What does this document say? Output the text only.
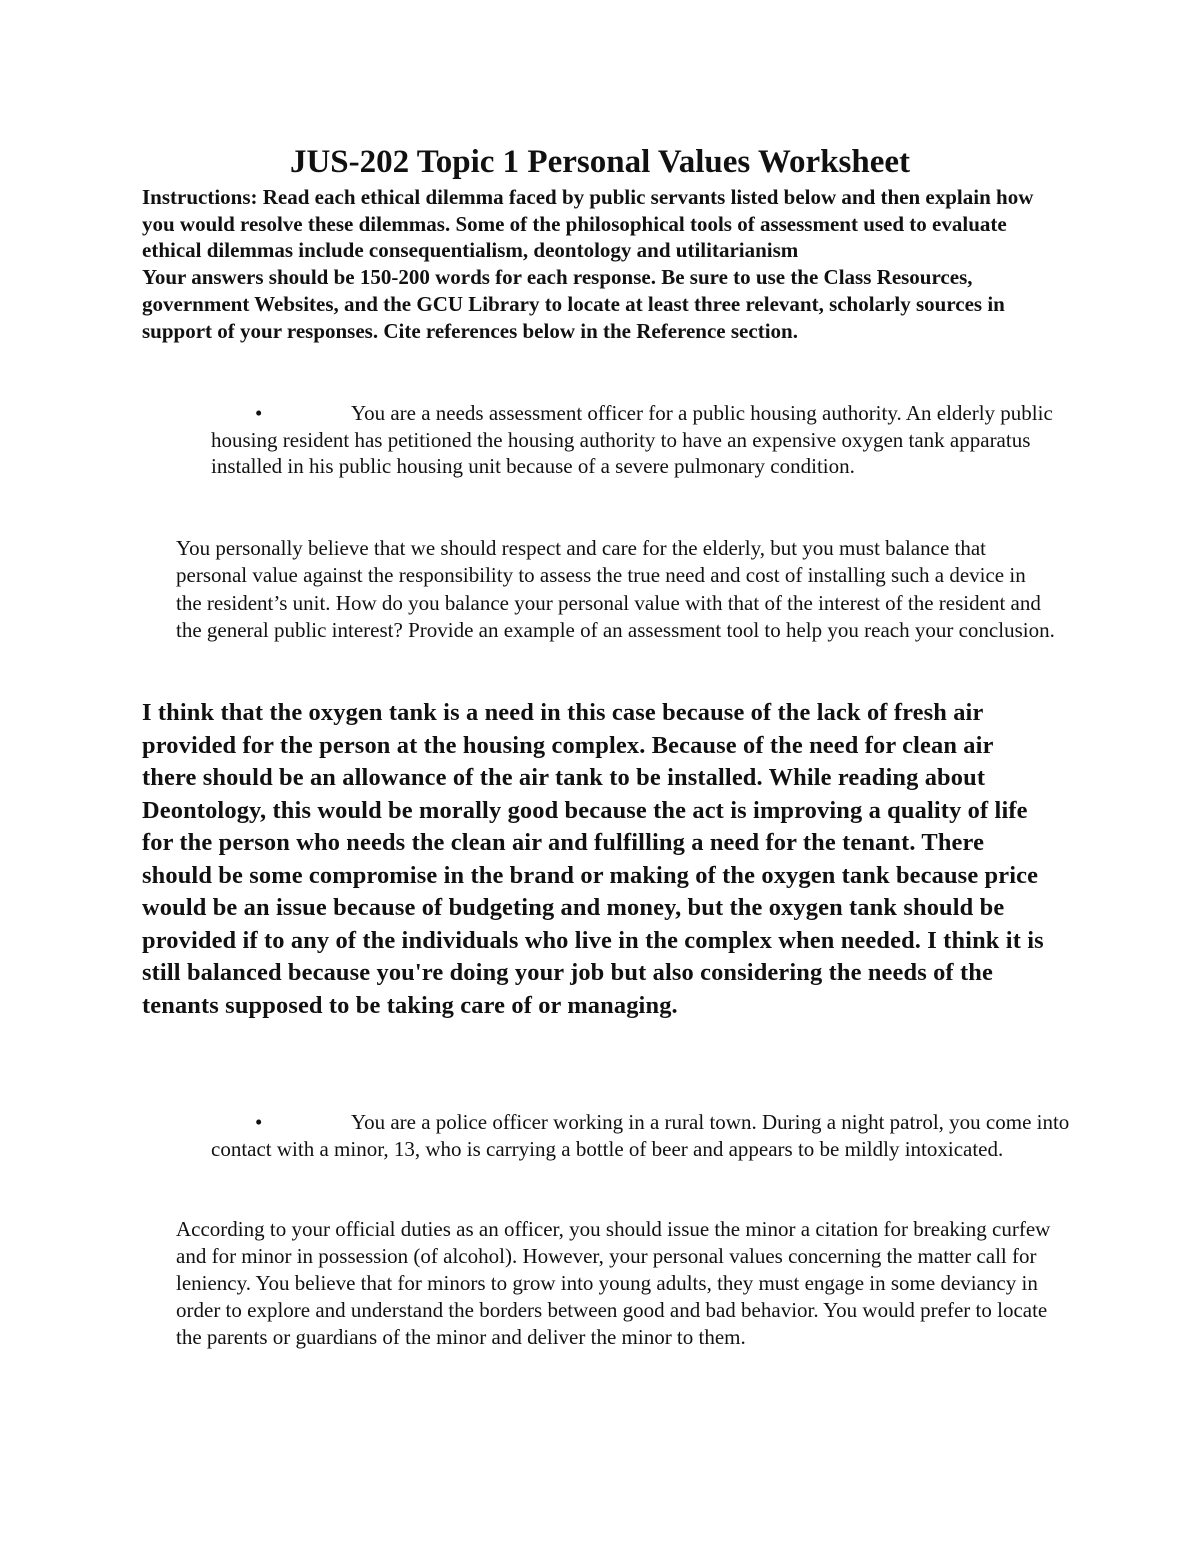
JUS-202 Topic 1 Personal Values Worksheet

Instructions: Read each ethical dilemma faced by public servants listed below and then explain how you would resolve these dilemmas. Some of the philosophical tools of assessment used to evaluate ethical dilemmas include consequentialism, deontology and utilitarianism

Your answers should be 150-200 words for each response. Be sure to use the Class Resources, government Websites, and the GCU Library to locate at least three relevant, scholarly sources in support of your responses. Cite references below in the Reference section.

•	You are a needs assessment officer for a public housing authority. An elderly public housing resident has petitioned the housing authority to have an expensive oxygen tank apparatus installed in his public housing unit because of a severe pulmonary condition.

You personally believe that we should respect and care for the elderly, but you must balance that personal value against the responsibility to assess the true need and cost of installing such a device in the resident’s unit. How do you balance your personal value with that of the interest of the resident and the general public interest? Provide an example of an assessment tool to help you reach your conclusion.

I think that the oxygen tank is a need in this case because of the lack of fresh air provided for the person at the housing complex. Because of the need for clean air there should be an allowance of the air tank to be installed. While reading about Deontology, this would be morally good because the act is improving a quality of life for the person who needs the clean air and fulfilling a need for the tenant. There should be some compromise in the brand or making of the oxygen tank because price would be an issue because of budgeting and money, but the oxygen tank should be provided if to any of the individuals who live in the complex when needed. I think it is still balanced because you're doing your job but also considering the needs of the tenants supposed to be taking care of or managing.

•	You are a police officer working in a rural town. During a night patrol, you come into contact with a minor, 13, who is carrying a bottle of beer and appears to be mildly intoxicated.

According to your official duties as an officer, you should issue the minor a citation for breaking curfew and for minor in possession (of alcohol). However, your personal values concerning the matter call for leniency. You believe that for minors to grow into young adults, they must engage in some deviancy in order to explore and understand the borders between good and bad behavior. You would prefer to locate the parents or guardians of the minor and deliver the minor to them.
